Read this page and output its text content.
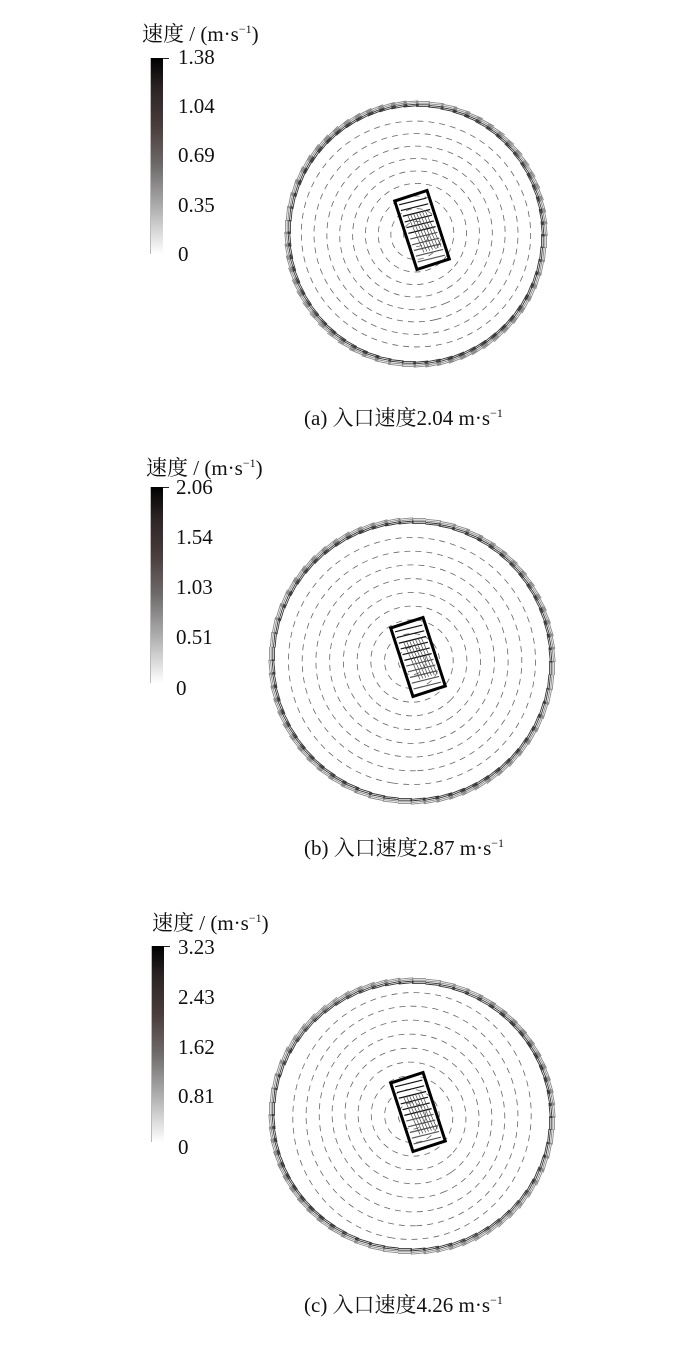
速度 / $(m\cdot s^{-1})$
1.38
1.04
0.69
0.35
0
(a) 入口速度2.04 $m\cdot s^{-1}$
速度 / $(m\cdot s^{-1})$
2.06
1.54
1.03
0.51
0
(b) 入口速度2.87 $m\cdot s^{-1}$
速度 / $(m\cdot s^{-1})$
3.23
2.43
1.62
0.81
0
(c) 入口速度4.26 $m\cdot s^{-1}$
